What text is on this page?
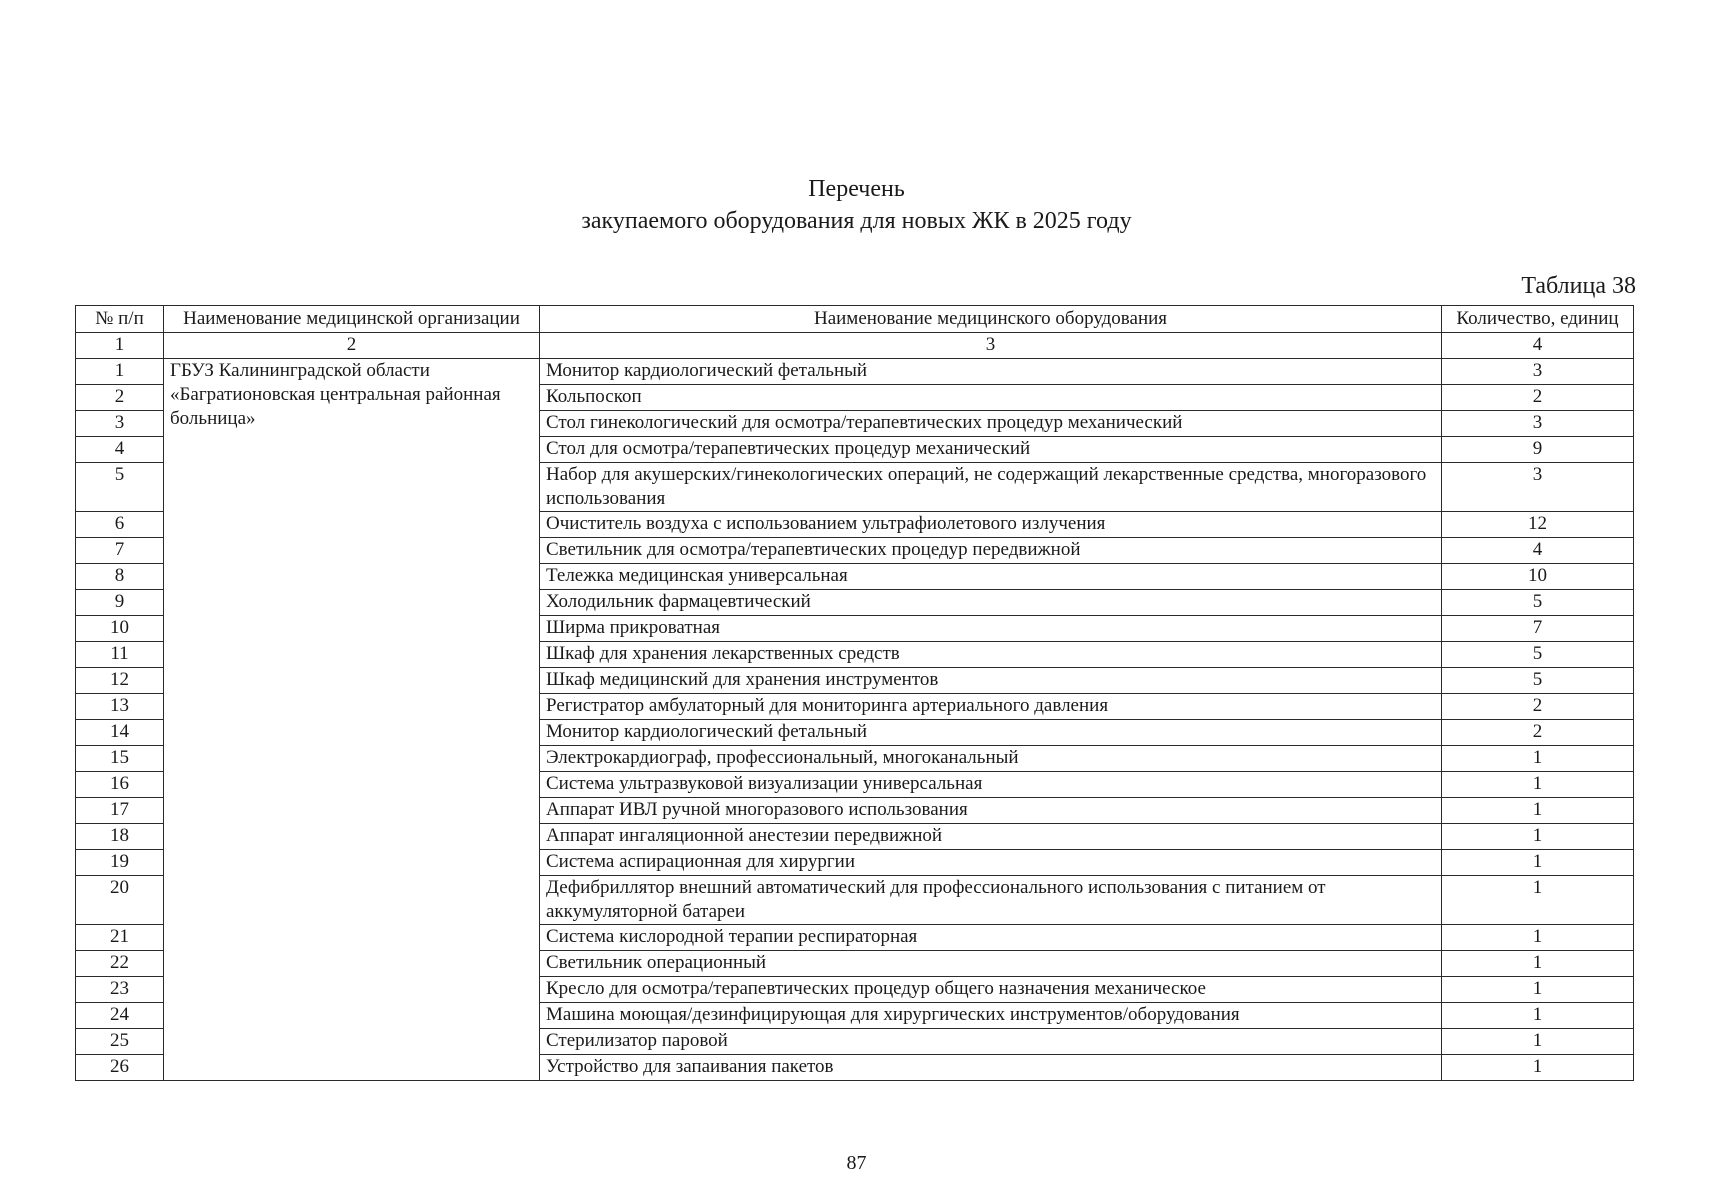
Перечень
закупаемого оборудования для новых ЖК в 2025 году
Таблица 38
№ п/п	Наименование медицинской организации	Наименование медицинского оборудования	Количество, единиц
1	2	3	4
1	ГБУЗ Калининградской области «Багратионовская центральная районная больница»	Монитор кардиологический фетальный	3
2		Кольпоскоп	2
3		Стол гинекологический для осмотра/терапевтических процедур механический	3
4		Стол для осмотра/терапевтических процедур механический	9
5		Набор для акушерских/гинекологических операций, не содержащий лекарственные средства, многоразового использования	3
6		Очиститель воздуха с использованием ультрафиолетового излучения	12
7		Светильник для осмотра/терапевтических процедур передвижной	4
8		Тележка медицинская универсальная	10
9		Холодильник фармацевтический	5
10		Ширма прикроватная	7
11		Шкаф для хранения лекарственных средств	5
12		Шкаф медицинский для хранения инструментов	5
13		Регистратор амбулаторный для мониторинга артериального давления	2
14		Монитор кардиологический фетальный	2
15		Электрокардиограф, профессиональный, многоканальный	1
16		Система ультразвуковой визуализации универсальная	1
17		Аппарат ИВЛ ручной многоразового использования	1
18		Аппарат ингаляционной анестезии передвижной	1
19		Система аспирационная для хирургии	1
20		Дефибриллятор внешний автоматический для профессионального использования с питанием от аккумуляторной батареи	1
21		Система кислородной терапии респираторная	1
22		Светильник операционный	1
23		Кресло для осмотра/терапевтических процедур общего назначения механическое	1
24		Машина моющая/дезинфицирующая для хирургических инструментов/оборудования	1
25		Стерилизатор паровой	1
26		Устройство для запаивания пакетов	1
87
